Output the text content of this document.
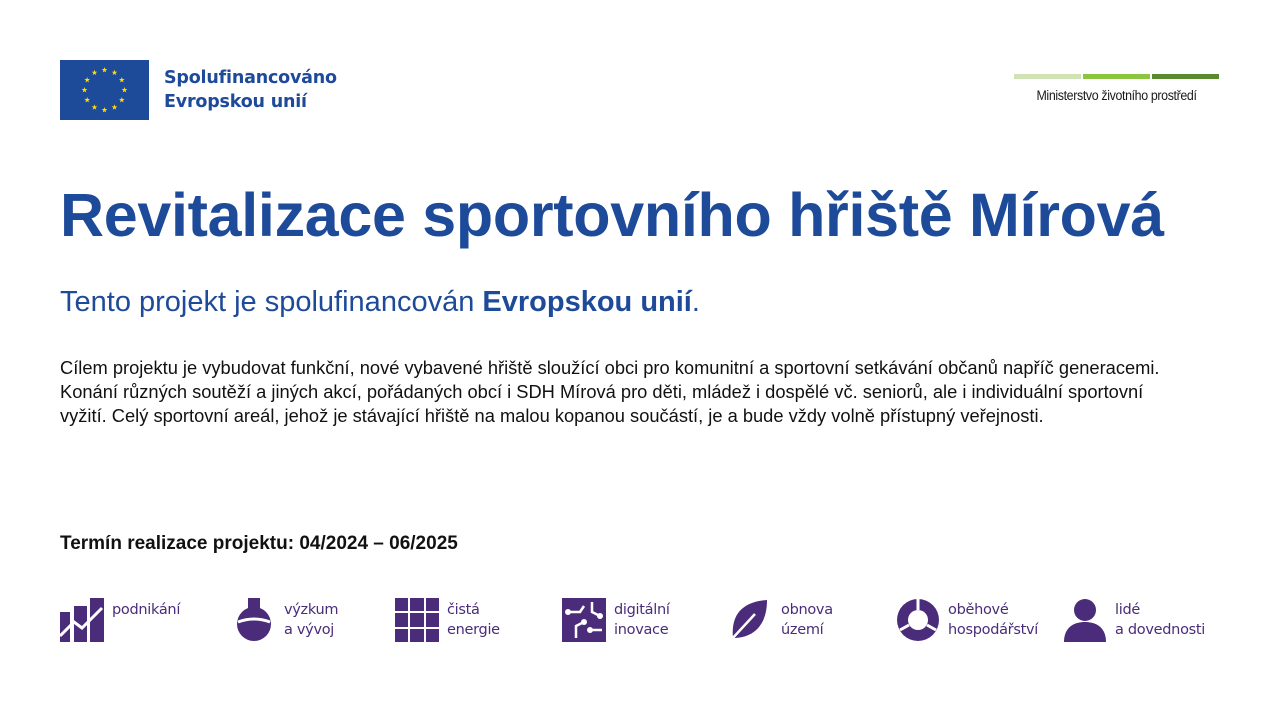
Spolufinancováno
Evropskou unií	Ministerstvo životního prostředí
Revitalizace sportovního hřiště Mírová

Tento projekt je spolufinancován Evropskou unií.

Cílem projektu je vybudovat funkční, nové vybavené hřiště sloužící obci pro komunitní a sportovní setkávání občanů napříč generacemi. Konání různých soutěží a jiných akcí, pořádaných obcí i SDH Mírová pro děti, mládež i dospělé vč. seniorů, ale i individuální sportovní vyžití. Celý sportovní areál, jehož je stávající hřiště na malou kopanou součástí, je a bude vždy volně přístupný veřejnosti.

Termín realizace projektu: 04/2024 – 06/2025

podnikání	výzkum
a vývoj
čistá
energie
digitální
inovace
obnova
území
oběhové
hospodářství
lidé
a dovednosti
